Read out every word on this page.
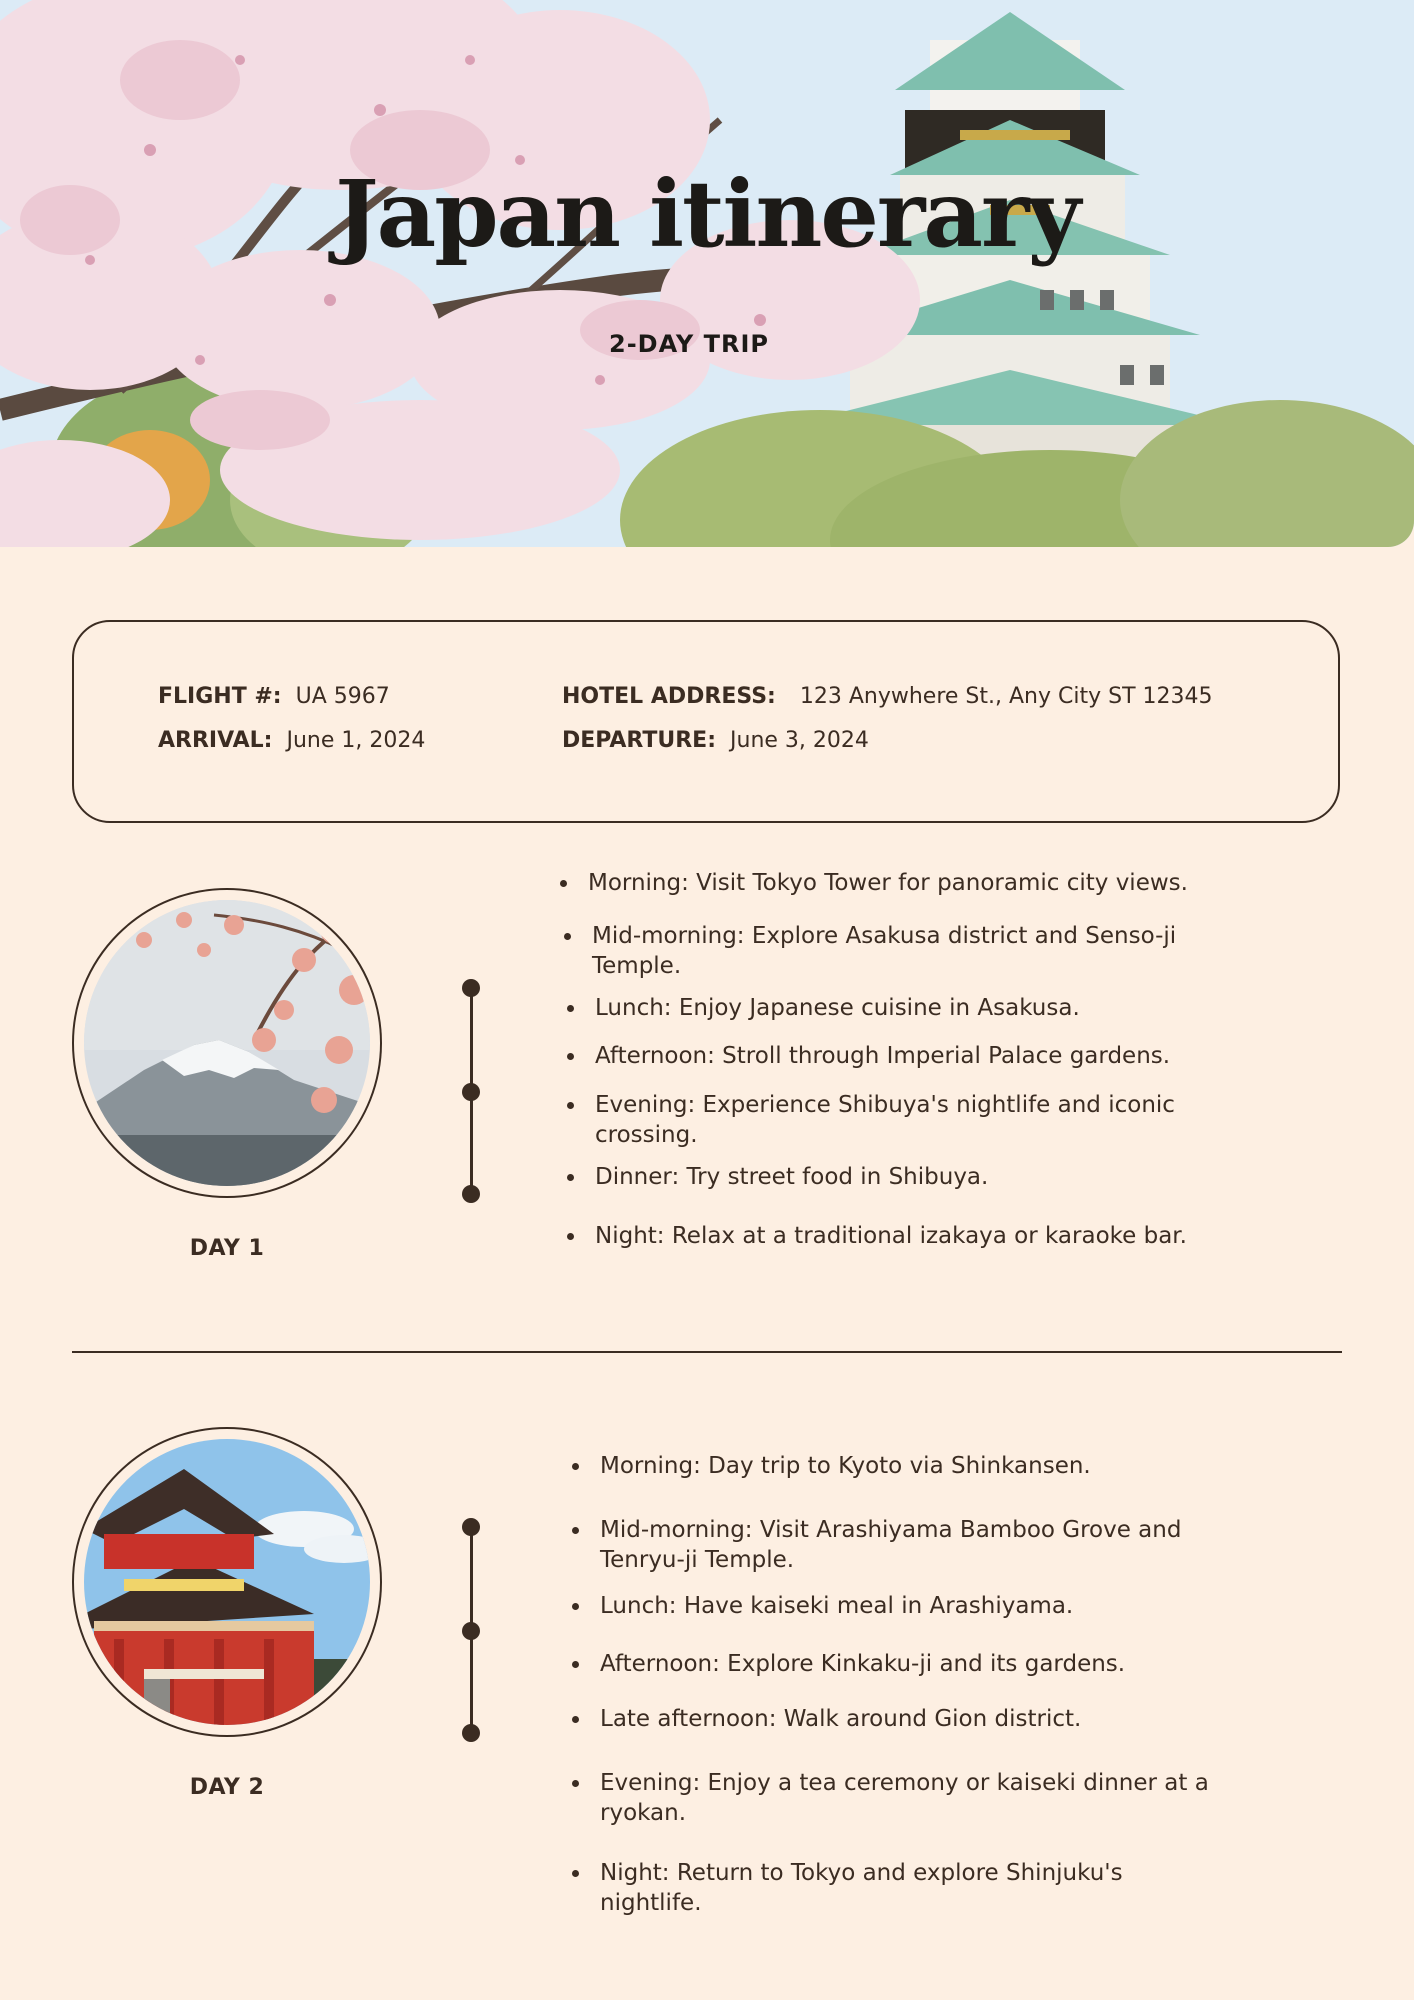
Japan itinerary
2-DAY TRIP
FLIGHT #: UA 5967
ARRIVAL: June 1, 2024
HOTEL ADDRESS: 123 Anywhere St., Any City ST 12345
DEPARTURE: June 3, 2024
DAY 1
Morning: Visit Tokyo Tower for panoramic city views.
Mid-morning: Explore Asakusa district and Senso-ji Temple.
Lunch: Enjoy Japanese cuisine in Asakusa.
Afternoon: Stroll through Imperial Palace gardens.
Evening: Experience Shibuya's nightlife and iconic crossing.
Dinner: Try street food in Shibuya.
Night: Relax at a traditional izakaya or karaoke bar.
DAY 2
Morning: Day trip to Kyoto via Shinkansen.
Mid-morning: Visit Arashiyama Bamboo Grove and Tenryu-ji Temple.
Lunch: Have kaiseki meal in Arashiyama.
Afternoon: Explore Kinkaku-ji and its gardens.
Late afternoon: Walk around Gion district.
Evening: Enjoy a tea ceremony or kaiseki dinner at a ryokan.
Night: Return to Tokyo and explore Shinjuku's nightlife.
